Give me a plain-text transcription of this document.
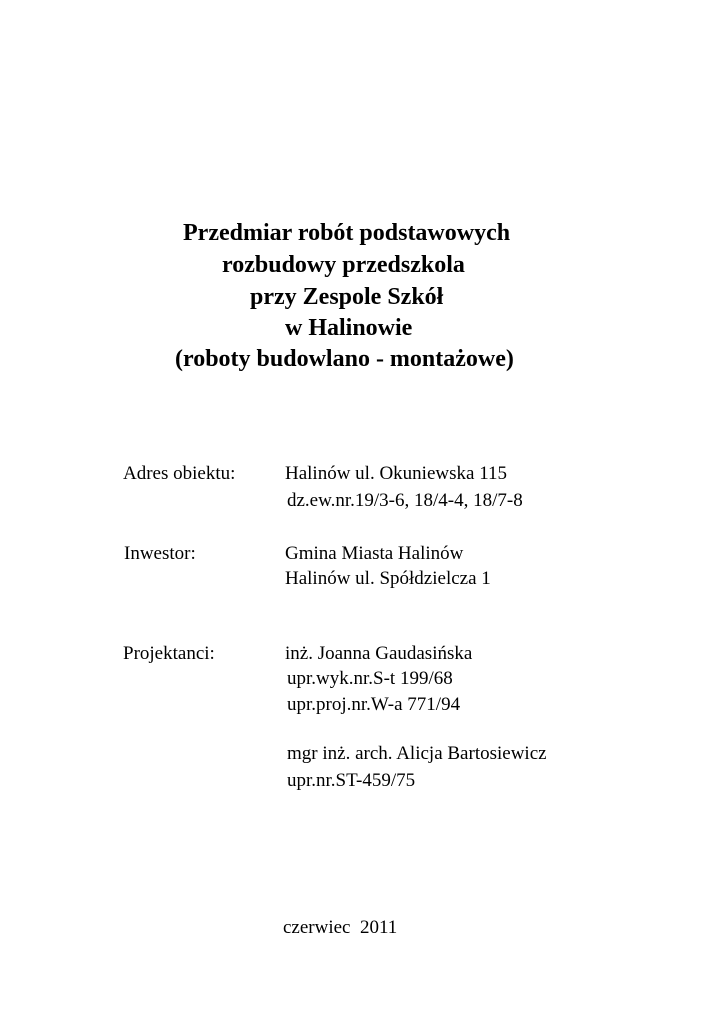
Przedmiar robót podstawowych
rozbudowy przedszkola
przy Zespole Szkół
w Halinowie
(roboty budowlano - montażowe)
Adres obiektu:	Halinów ul. Okuniewska 115
dz.ew.nr.19/3-6, 18/4-4, 18/7-8
Inwestor:	Gmina Miasta Halinów
Halinów ul. Spółdzielcza 1
Projektanci:	inż. Joanna Gaudasińska
upr.wyk.nr.S-t 199/68
upr.proj.nr.W-a 771/94
mgr inż. arch. Alicja Bartosiewicz
upr.nr.ST-459/75
czerwiec  2011
